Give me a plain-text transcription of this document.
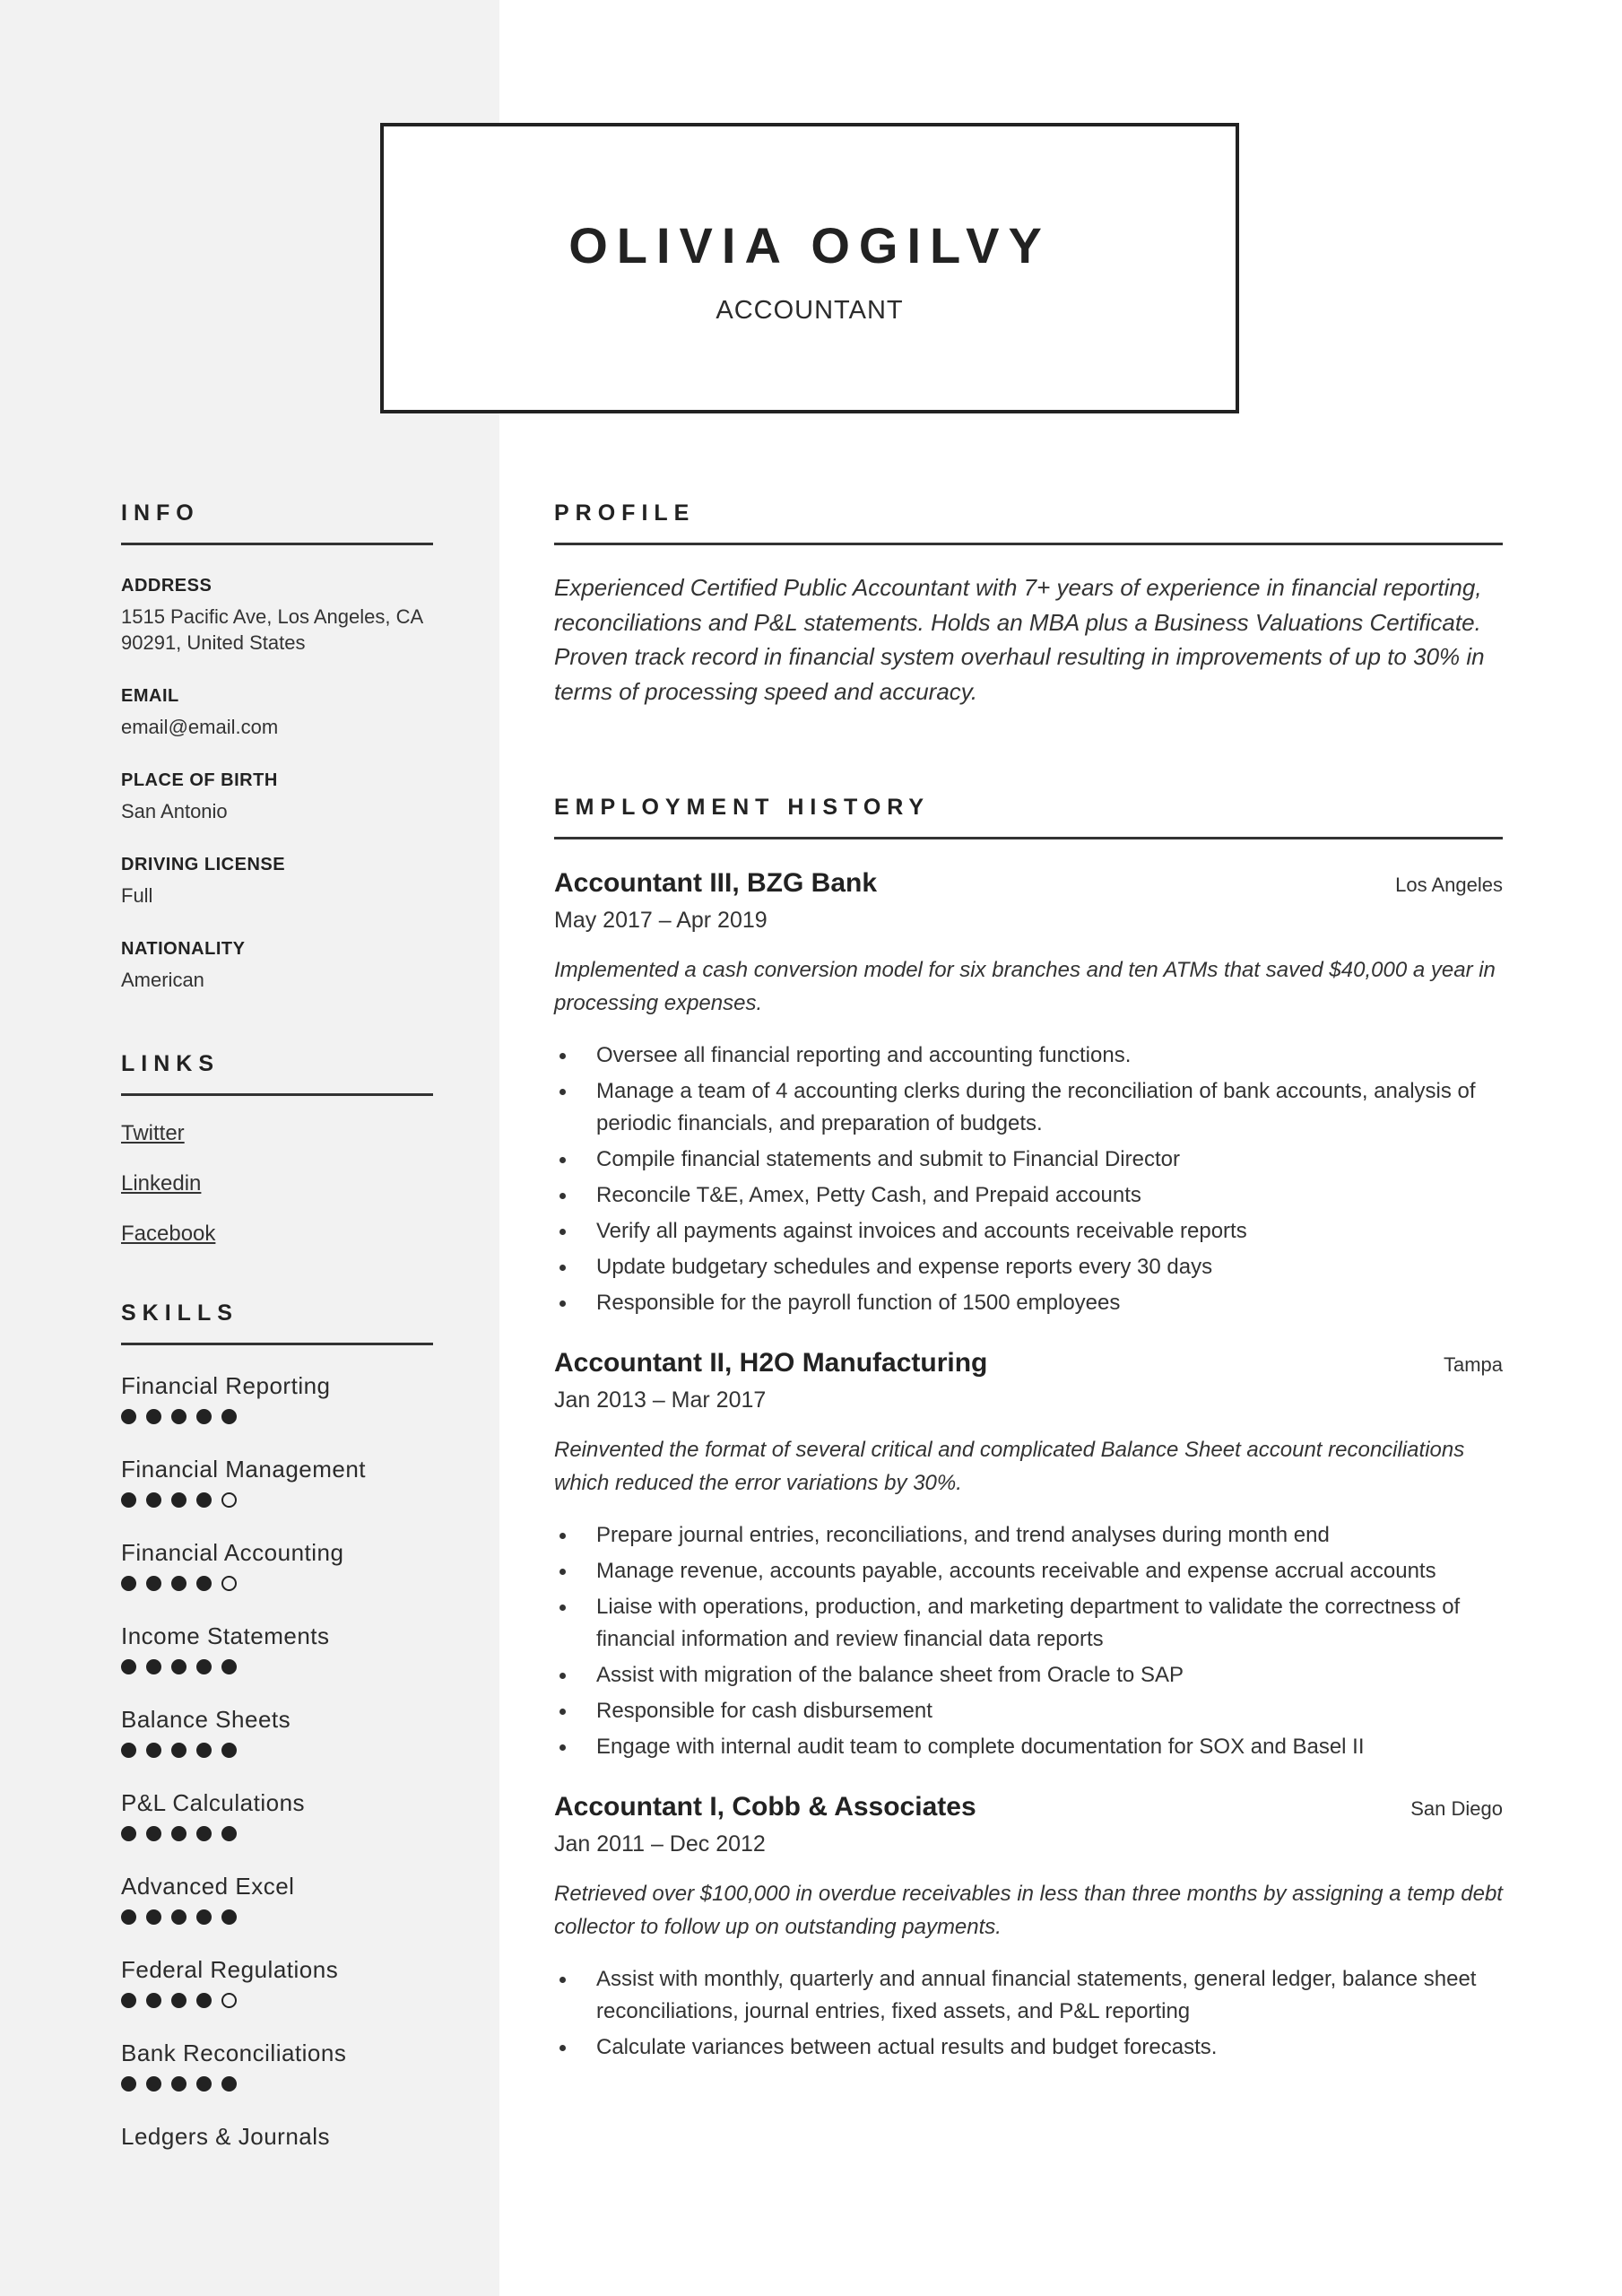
OLIVIA OGILVY
ACCOUNTANT
INFO
ADDRESS
1515 Pacific Ave, Los Angeles, CA 90291, United States
EMAIL
email@email.com
PLACE OF BIRTH
San Antonio
DRIVING LICENSE
Full
NATIONALITY
American
LINKS
Twitter
Linkedin
Facebook
SKILLS
Financial Reporting
Financial Management
Financial Accounting
Income Statements
Balance Sheets
P&L Calculations
Advanced Excel
Federal Regulations
Bank Reconciliations
Ledgers & Journals
PROFILE
Experienced Certified Public Accountant with 7+ years of experience in financial reporting, reconciliations and P&L statements. Holds an MBA plus a Business Valuations Certificate. Proven track record in financial system overhaul resulting in improvements of up to 30% in terms of processing speed and accuracy.
EMPLOYMENT HISTORY
Accountant III, BZG Bank	Los Angeles
May 2017 – Apr 2019
Implemented a cash conversion model for six branches and ten ATMs that saved $40,000 a year in processing expenses.
Oversee all financial reporting and accounting functions.
Manage a team of 4 accounting clerks during the reconciliation of bank accounts, analysis of periodic financials, and preparation of budgets.
Compile financial statements and submit to Financial Director
Reconcile T&E, Amex, Petty Cash, and Prepaid accounts
Verify all payments against invoices and accounts receivable reports
Update budgetary schedules and expense reports every 30 days
Responsible for the payroll function of 1500 employees
Accountant II, H2O Manufacturing	Tampa
Jan 2013 – Mar 2017
Reinvented the format of several critical and complicated Balance Sheet account reconciliations which reduced the error variations by 30%.
Prepare journal entries, reconciliations, and trend analyses during month end
Manage revenue, accounts payable, accounts receivable and expense accrual accounts
Liaise with operations, production, and marketing department to validate the correctness of financial information and review financial data reports
Assist with migration of the balance sheet from Oracle to SAP
Responsible for cash disbursement
Engage with internal audit team to complete documentation for SOX and Basel II
Accountant I, Cobb & Associates	San Diego
Jan 2011 – Dec 2012
Retrieved over $100,000 in overdue receivables in less than three months by assigning a temp debt collector to follow up on outstanding payments.
Assist with monthly, quarterly and annual financial statements, general ledger, balance sheet reconciliations, journal entries, fixed assets, and P&L reporting
Calculate variances between actual results and budget forecasts.
